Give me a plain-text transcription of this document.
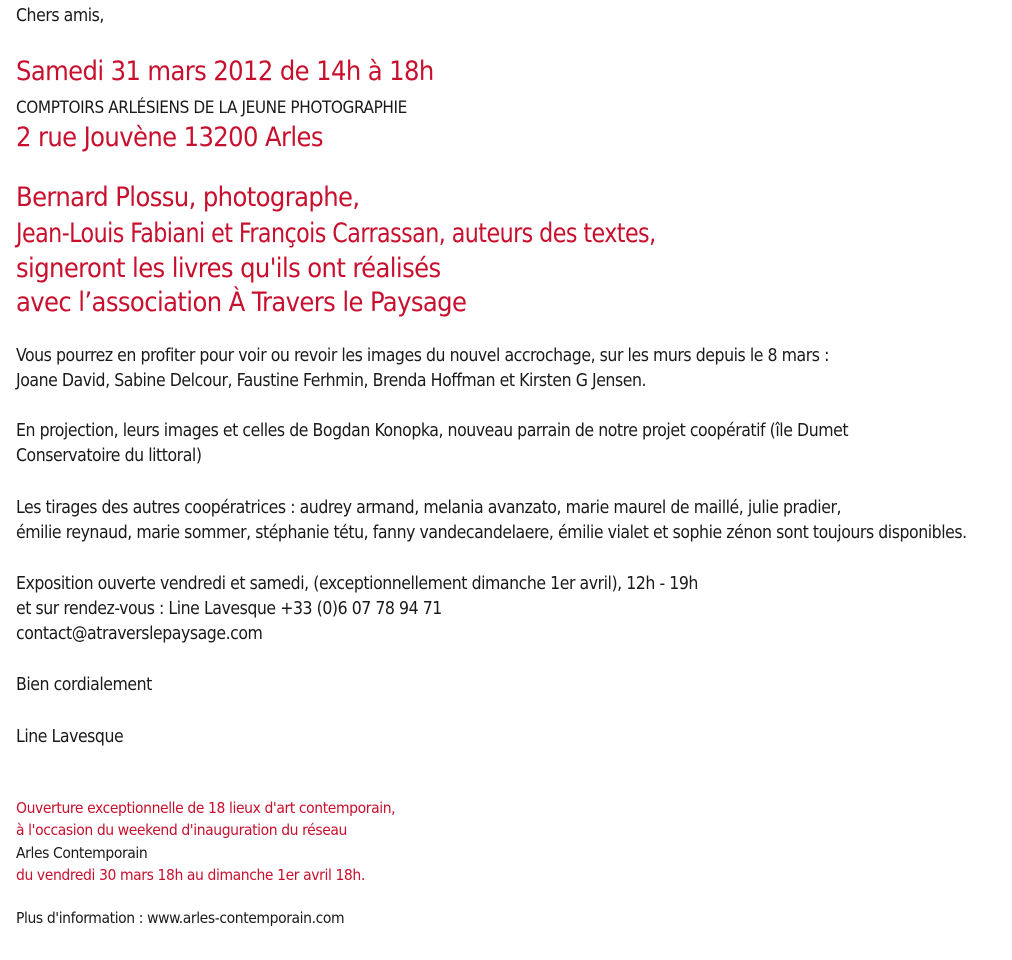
Chers amis,
Samedi 31 mars 2012 de 14h à 18h
COMPTOIRS ARLÉSIENS DE LA JEUNE PHOTOGRAPHIE
2 rue Jouvène 13200 Arles
Bernard Plossu, photographe,
Jean-Louis Fabiani et François Carrassan, auteurs des textes,
signeront les livres qu'ils ont réalisés
avec l’association À Travers le Paysage
Vous pourrez en profiter pour voir ou revoir les images du nouvel accrochage, sur les murs depuis le 8 mars :
Joane David, Sabine Delcour, Faustine Ferhmin, Brenda Hoffman et Kirsten G Jensen.
En projection, leurs images et celles de Bogdan Konopka, nouveau parrain de notre projet coopératif (île Dumet
Conservatoire du littoral)
Les tirages des autres coopératrices : audrey armand, melania avanzato, marie maurel de maillé, julie pradier,
émilie reynaud, marie sommer, stéphanie tétu, fanny vandecandelaere, émilie vialet et sophie zénon sont toujours disponibles.
Exposition ouverte vendredi et samedi, (exceptionnellement dimanche 1er avril), 12h - 19h
et sur rendez-vous : Line Lavesque +33 (0)6 07 78 94 71
contact@atraverslepaysage.com
Bien cordialement
Line Lavesque
Ouverture exceptionnelle de 18 lieux d'art contemporain,
à l'occasion du weekend d'inauguration du réseau
Arles Contemporain
du vendredi 30 mars 18h au dimanche 1er avril 18h.
Plus d'information : www.arles-contemporain.com
